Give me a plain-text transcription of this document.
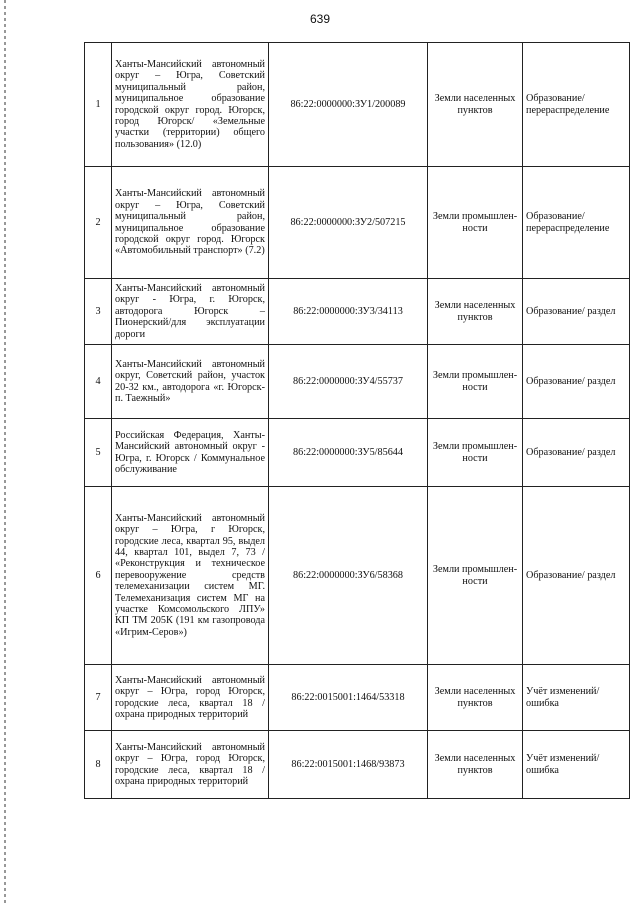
639
1	Ханты-Мансийский автономный округ – Югра, Советский муниципальный район, муниципальное образование городской округ город. Югорск, город Югорск/ «Земельные участки (территории) общего пользования» (12.0)	86:22:0000000:ЗУ1/200089	Земли населенных пунктов	Образование/ перераспределение
2	Ханты-Мансийский автономный округ – Югра, Советский муниципальный район, муниципальное образование городской округ город. Югорск «Автомобильный транспорт» (7.2)	86:22:0000000:ЗУ2/507215	Земли промышлен-ности	Образование/ перераспределение
3	Ханты-Мансийский автономный округ - Югра, г. Югорск, автодорога Югорск – Пионерский/для эксплуатации дороги	86:22:0000000:ЗУ3/34113	Земли населенных пунктов	Образование/ раздел
4	Ханты-Мансийский автономный округ, Советский район, участок 20-32 км., автодорога «г. Югорск-п. Таежный»	86:22:0000000:ЗУ4/55737	Земли промышлен-ности	Образование/ раздел
5	Российская Федерация, Ханты-Мансийский автономный округ - Югра, г. Югорск / Коммунальное обслуживание	86:22:0000000:ЗУ5/85644	Земли промышлен-ности	Образование/ раздел
6	Ханты-Мансийский автономный округ – Югра, г Югорск, городские леса, квартал 95, выдел 44, квартал 101, выдел 7, 73 / «Реконструкция и техническое перевооружение средств телемеханизации систем МГ. Телемеханизация систем МГ на участке Комсомольского ЛПУ» КП ТМ 205К (191 км газопровода «Игрим-Серов»)	86:22:0000000:ЗУ6/58368	Земли промышлен-ности	Образование/ раздел
7	Ханты-Мансийский автономный округ – Югра, город Югорск, городские леса, квартал 18 / охрана природных территорий	86:22:0015001:1464/53318	Земли населенных пунктов	Учёт изменений/ ошибка
8	Ханты-Мансийский автономный округ – Югра, город Югорск, городские леса, квартал 18 / охрана природных территорий	86:22:0015001:1468/93873	Земли населенных пунктов	Учёт изменений/ ошибка
